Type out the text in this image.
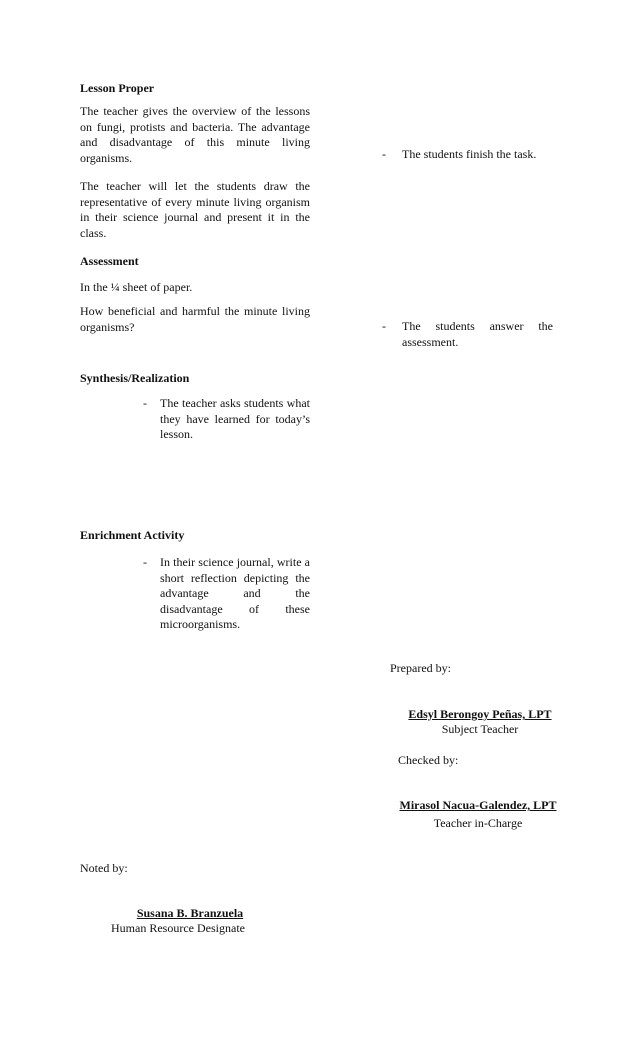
Lesson Proper

The teacher gives the overview of the lessons on fungi, protists and bacteria. The advantage and disadvantage of this minute living organisms.

The teacher will let the students draw the representative of every minute living organism in their science journal and present it in the class.

Assessment
In the ¼ sheet of paper.

How beneficial and harmful the minute living organisms?

Synthesis/Realization
- The teacher asks students what they have learned for today’s lesson.

Enrichment Activity
- In their science journal, write a short reflection depicting the advantage and the disadvantage of these microorganisms.

- The students finish the task.
- The students answer the assessment.

Prepared by:
Edsyl Berongoy Peñas, LPT
Subject Teacher
Checked by:
Mirasol Nacua-Galendez, LPT
Teacher in-Charge
Noted by:
Susana B. Branzuela
Human Resource Designate
